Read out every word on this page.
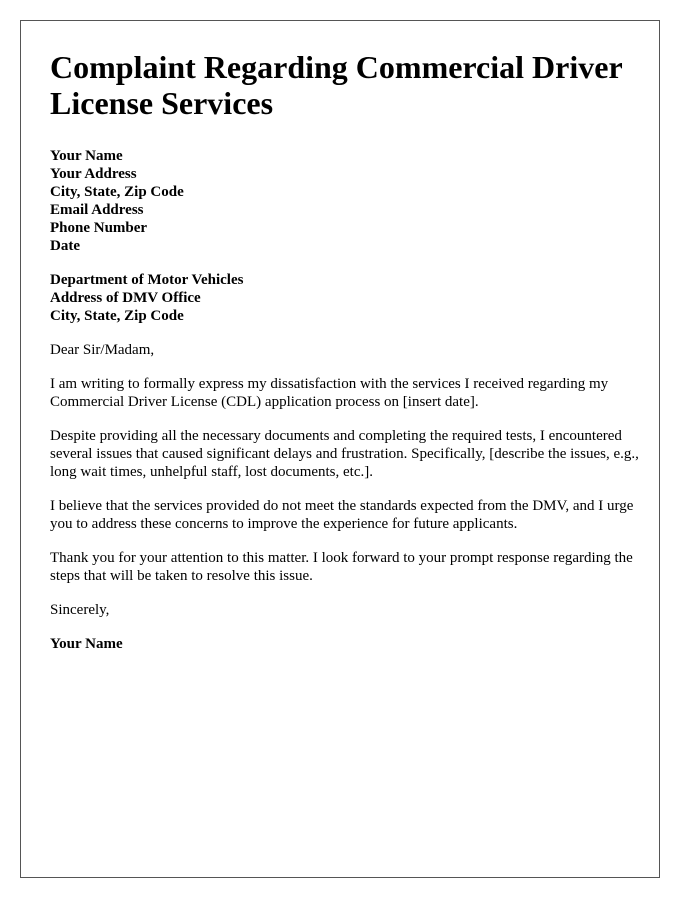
Complaint Regarding Commercial Driver License Services
Your Name
Your Address
City, State, Zip Code
Email Address
Phone Number
Date
Department of Motor Vehicles
Address of DMV Office
City, State, Zip Code

Dear Sir/Madam,

I am writing to formally express my dissatisfaction with the services I received regarding my Commercial Driver License (CDL) application process on [insert date].

Despite providing all the necessary documents and completing the required tests, I encountered several issues that caused significant delays and frustration. Specifically, [describe the issues, e.g., long wait times, unhelpful staff, lost documents, etc.].

I believe that the services provided do not meet the standards expected from the DMV, and I urge you to address these concerns to improve the experience for future applicants.

Thank you for your attention to this matter. I look forward to your prompt response regarding the steps that will be taken to resolve this issue.

Sincerely,

Your Name
